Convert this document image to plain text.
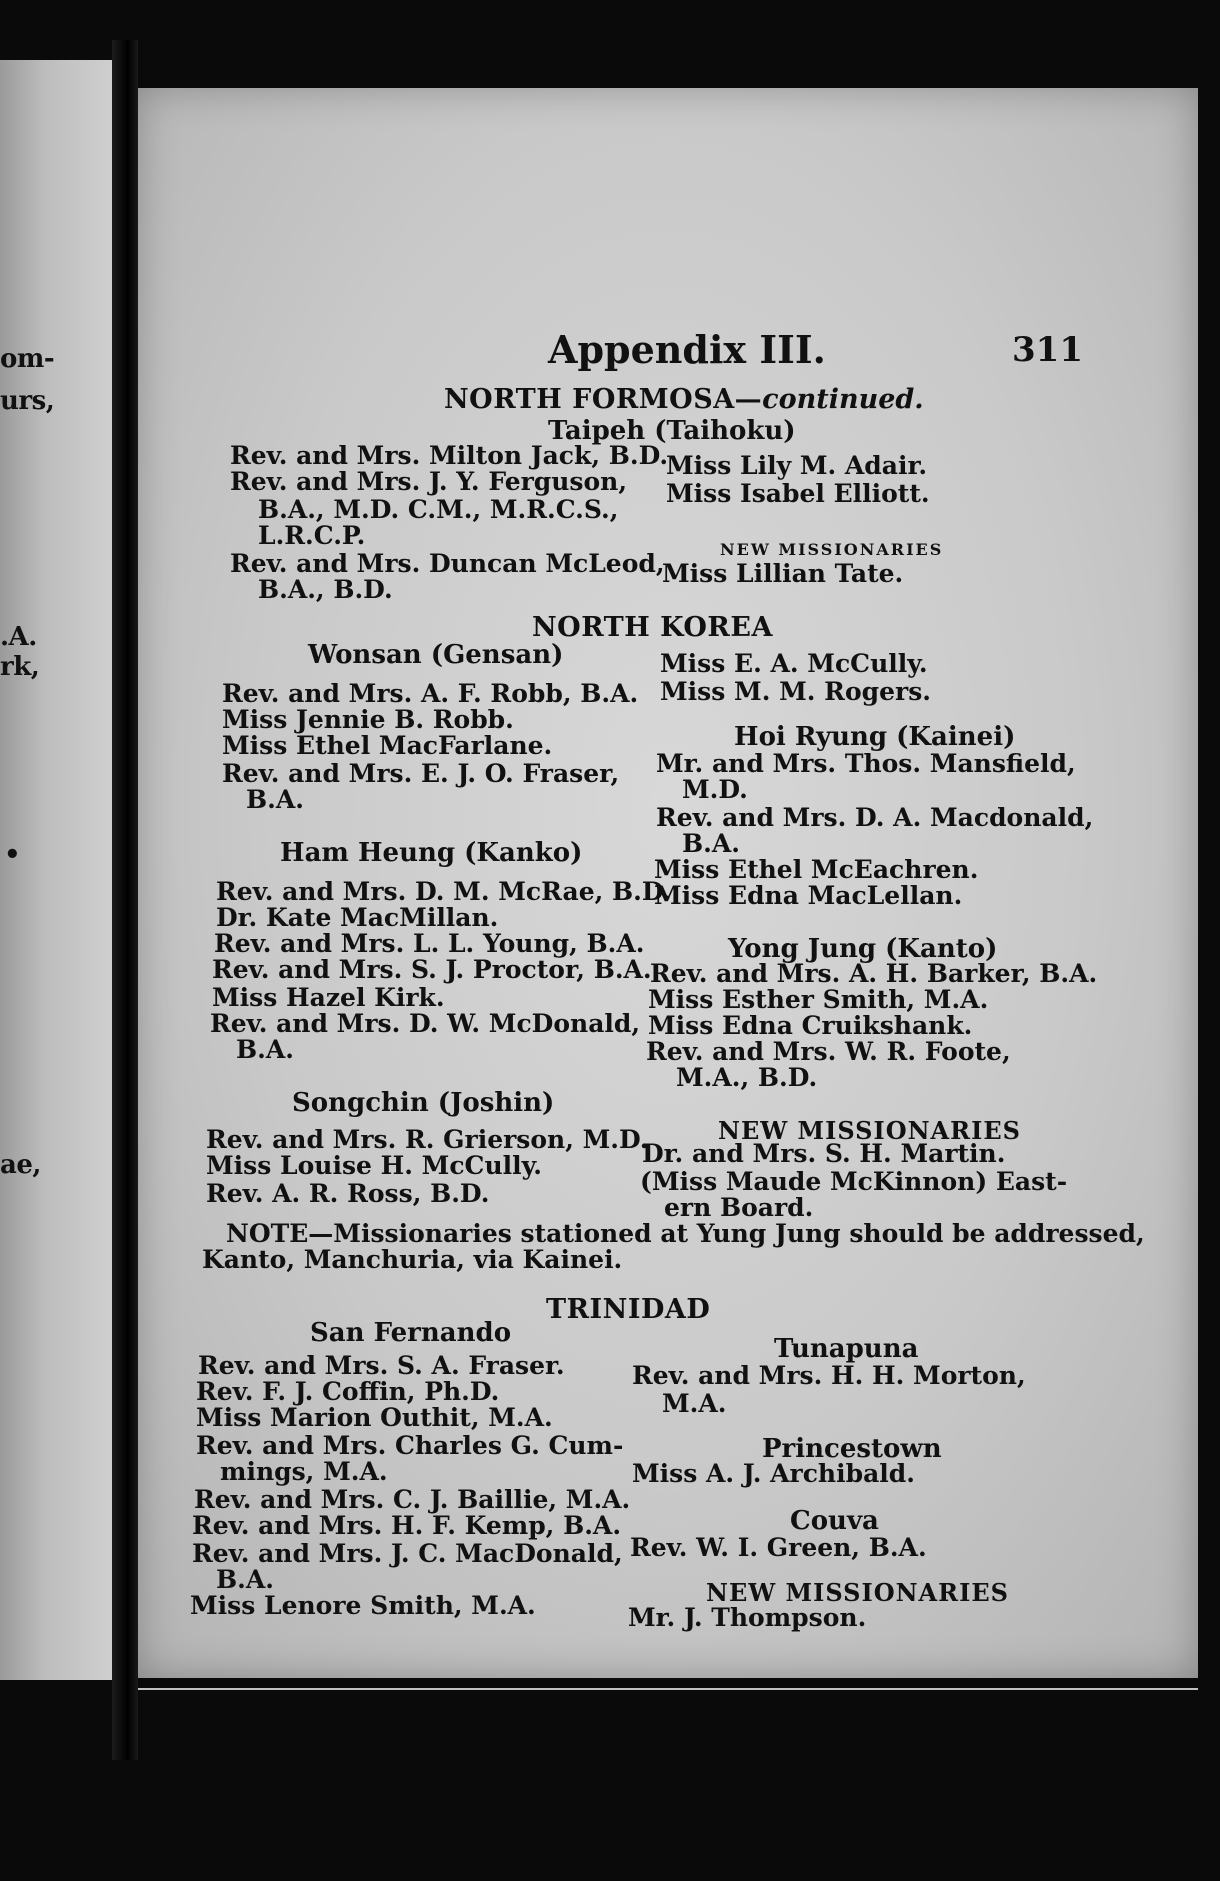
om-
urs,
.A.
rk,
•
ae,
Appendix III.	311
NORTH FORMOSA—continued.
Taipeh (Taihoku)
Rev. and Mrs. Milton Jack, B.D.
Rev. and Mrs. J. Y. Ferguson,
B.A., M.D. C.M., M.R.C.S.,
L.R.C.P.
Rev. and Mrs. Duncan McLeod,
B.A., B.D.
Miss Lily M. Adair.
Miss Isabel Elliott.
NEW MISSIONARIES
Miss Lillian Tate.
NORTH KOREA
Wonsan (Gensan)
Rev. and Mrs. A. F. Robb, B.A.
Miss Jennie B. Robb.
Miss Ethel MacFarlane.
Rev. and Mrs. E. J. O. Fraser,
B.A.
Miss E. A. McCully.
Miss M. M. Rogers.
Hoi Ryung (Kainei)
Mr. and Mrs. Thos. Mansfield,
M.D.
Rev. and Mrs. D. A. Macdonald,
B.A.
Miss Ethel McEachren.
Miss Edna MacLellan.
Ham Heung (Kanko)
Rev. and Mrs. D. M. McRae, B.D.
Dr. Kate MacMillan.
Rev. and Mrs. L. L. Young, B.A.
Rev. and Mrs. S. J. Proctor, B.A.
Miss Hazel Kirk.
Rev. and Mrs. D. W. McDonald,
B.A.
Yong Jung (Kanto)
Rev. and Mrs. A. H. Barker, B.A.
Miss Esther Smith, M.A.
Miss Edna Cruikshank.
Rev. and Mrs. W. R. Foote,
M.A., B.D.
Songchin (Joshin)
Rev. and Mrs. R. Grierson, M.D.
Miss Louise H. McCully.
Rev. A. R. Ross, B.D.
NEW MISSIONARIES
Dr. and Mrs. S. H. Martin.
(Miss Maude McKinnon) East-
ern Board.
NOTE—Missionaries stationed at Yung Jung should be addressed,
Kanto, Manchuria, via Kainei.
TRINIDAD
San Fernando
Rev. and Mrs. S. A. Fraser.
Rev. F. J. Coffin, Ph.D.
Miss Marion Outhit, M.A.
Rev. and Mrs. Charles G. Cum-
mings, M.A.
Rev. and Mrs. C. J. Baillie, M.A.
Rev. and Mrs. H. F. Kemp, B.A.
Rev. and Mrs. J. C. MacDonald,
B.A.
Miss Lenore Smith, M.A.
Tunapuna
Rev. and Mrs. H. H. Morton,
M.A.
Princestown
Miss A. J. Archibald.
Couva
Rev. W. I. Green, B.A.
NEW MISSIONARIES
Mr. J. Thompson.
